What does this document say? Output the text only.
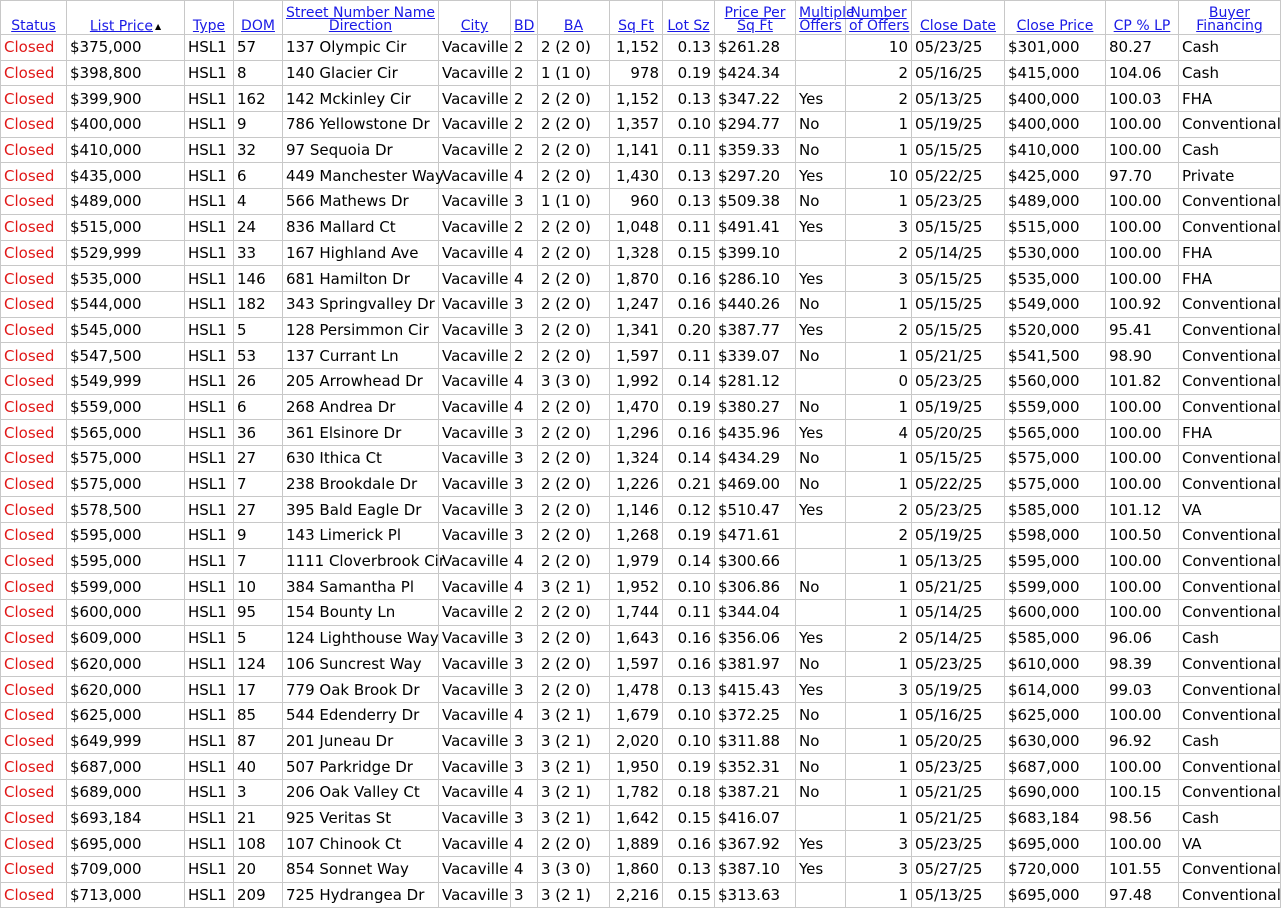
Status	List Price ▲	Type	DOM	Street Number Name
Direction	City	BD	BA	Sq Ft	Lot Sz	Price Per
Sq Ft	Multiple
Offers	Number
of Offers	Close Date	Close Price	CP % LP	Buyer
Financing
Closed	$375,000	HSL1	57	137 Olympic Cir	Vacaville	2	2 (2 0)	1,152	0.13	$261.28		10	05/23/25	$301,000	80.27	Cash
Closed	$398,800	HSL1	8	140 Glacier Cir	Vacaville	2	1 (1 0)	978	0.19	$424.34		2	05/16/25	$415,000	104.06	Cash
Closed	$399,900	HSL1	162	142 Mckinley Cir	Vacaville	2	2 (2 0)	1,152	0.13	$347.22	Yes	2	05/13/25	$400,000	100.03	FHA
Closed	$400,000	HSL1	9	786 Yellowstone Dr	Vacaville	2	2 (2 0)	1,357	0.10	$294.77	No	1	05/19/25	$400,000	100.00	Conventional
Closed	$410,000	HSL1	32	97 Sequoia Dr	Vacaville	2	2 (2 0)	1,141	0.11	$359.33	No	1	05/15/25	$410,000	100.00	Cash
Closed	$435,000	HSL1	6	449 Manchester Way	Vacaville	4	2 (2 0)	1,430	0.13	$297.20	Yes	10	05/22/25	$425,000	97.70	Private
Closed	$489,000	HSL1	4	566 Mathews Dr	Vacaville	3	1 (1 0)	960	0.13	$509.38	No	1	05/23/25	$489,000	100.00	Conventional
Closed	$515,000	HSL1	24	836 Mallard Ct	Vacaville	2	2 (2 0)	1,048	0.11	$491.41	Yes	3	05/15/25	$515,000	100.00	Conventional
Closed	$529,999	HSL1	33	167 Highland Ave	Vacaville	4	2 (2 0)	1,328	0.15	$399.10		2	05/14/25	$530,000	100.00	FHA
Closed	$535,000	HSL1	146	681 Hamilton Dr	Vacaville	4	2 (2 0)	1,870	0.16	$286.10	Yes	3	05/15/25	$535,000	100.00	FHA
Closed	$544,000	HSL1	182	343 Springvalley Dr	Vacaville	3	2 (2 0)	1,247	0.16	$440.26	No	1	05/15/25	$549,000	100.92	Conventional
Closed	$545,000	HSL1	5	128 Persimmon Cir	Vacaville	3	2 (2 0)	1,341	0.20	$387.77	Yes	2	05/15/25	$520,000	95.41	Conventional
Closed	$547,500	HSL1	53	137 Currant Ln	Vacaville	2	2 (2 0)	1,597	0.11	$339.07	No	1	05/21/25	$541,500	98.90	Conventional
Closed	$549,999	HSL1	26	205 Arrowhead Dr	Vacaville	4	3 (3 0)	1,992	0.14	$281.12		0	05/23/25	$560,000	101.82	Conventional
Closed	$559,000	HSL1	6	268 Andrea Dr	Vacaville	4	2 (2 0)	1,470	0.19	$380.27	No	1	05/19/25	$559,000	100.00	Conventional
Closed	$565,000	HSL1	36	361 Elsinore Dr	Vacaville	3	2 (2 0)	1,296	0.16	$435.96	Yes	4	05/20/25	$565,000	100.00	FHA
Closed	$575,000	HSL1	27	630 Ithica Ct	Vacaville	3	2 (2 0)	1,324	0.14	$434.29	No	1	05/15/25	$575,000	100.00	Conventional
Closed	$575,000	HSL1	7	238 Brookdale Dr	Vacaville	3	2 (2 0)	1,226	0.21	$469.00	No	1	05/22/25	$575,000	100.00	Conventional
Closed	$578,500	HSL1	27	395 Bald Eagle Dr	Vacaville	3	2 (2 0)	1,146	0.12	$510.47	Yes	2	05/23/25	$585,000	101.12	VA
Closed	$595,000	HSL1	9	143 Limerick Pl	Vacaville	3	2 (2 0)	1,268	0.19	$471.61		2	05/19/25	$598,000	100.50	Conventional
Closed	$595,000	HSL1	7	1111 Cloverbrook Cir	Vacaville	4	2 (2 0)	1,979	0.14	$300.66		1	05/13/25	$595,000	100.00	Conventional
Closed	$599,000	HSL1	10	384 Samantha Pl	Vacaville	4	3 (2 1)	1,952	0.10	$306.86	No	1	05/21/25	$599,000	100.00	Conventional
Closed	$600,000	HSL1	95	154 Bounty Ln	Vacaville	2	2 (2 0)	1,744	0.11	$344.04		1	05/14/25	$600,000	100.00	Conventional
Closed	$609,000	HSL1	5	124 Lighthouse Way	Vacaville	3	2 (2 0)	1,643	0.16	$356.06	Yes	2	05/14/25	$585,000	96.06	Cash
Closed	$620,000	HSL1	124	106 Suncrest Way	Vacaville	3	2 (2 0)	1,597	0.16	$381.97	No	1	05/23/25	$610,000	98.39	Conventional
Closed	$620,000	HSL1	17	779 Oak Brook Dr	Vacaville	3	2 (2 0)	1,478	0.13	$415.43	Yes	3	05/19/25	$614,000	99.03	Conventional
Closed	$625,000	HSL1	85	544 Edenderry Dr	Vacaville	4	3 (2 1)	1,679	0.10	$372.25	No	1	05/16/25	$625,000	100.00	Conventional
Closed	$649,999	HSL1	87	201 Juneau Dr	Vacaville	3	3 (2 1)	2,020	0.10	$311.88	No	1	05/20/25	$630,000	96.92	Cash
Closed	$687,000	HSL1	40	507 Parkridge Dr	Vacaville	3	3 (2 1)	1,950	0.19	$352.31	No	1	05/23/25	$687,000	100.00	Conventional
Closed	$689,000	HSL1	3	206 Oak Valley Ct	Vacaville	4	3 (2 1)	1,782	0.18	$387.21	No	1	05/21/25	$690,000	100.15	Conventional
Closed	$693,184	HSL1	21	925 Veritas St	Vacaville	3	3 (2 1)	1,642	0.15	$416.07		1	05/21/25	$683,184	98.56	Cash
Closed	$695,000	HSL1	108	107 Chinook Ct	Vacaville	4	2 (2 0)	1,889	0.16	$367.92	Yes	3	05/23/25	$695,000	100.00	VA
Closed	$709,000	HSL1	20	854 Sonnet Way	Vacaville	4	3 (3 0)	1,860	0.13	$387.10	Yes	3	05/27/25	$720,000	101.55	Conventional
Closed	$713,000	HSL1	209	725 Hydrangea Dr	Vacaville	3	3 (2 1)	2,216	0.15	$313.63		1	05/13/25	$695,000	97.48	Conventional
